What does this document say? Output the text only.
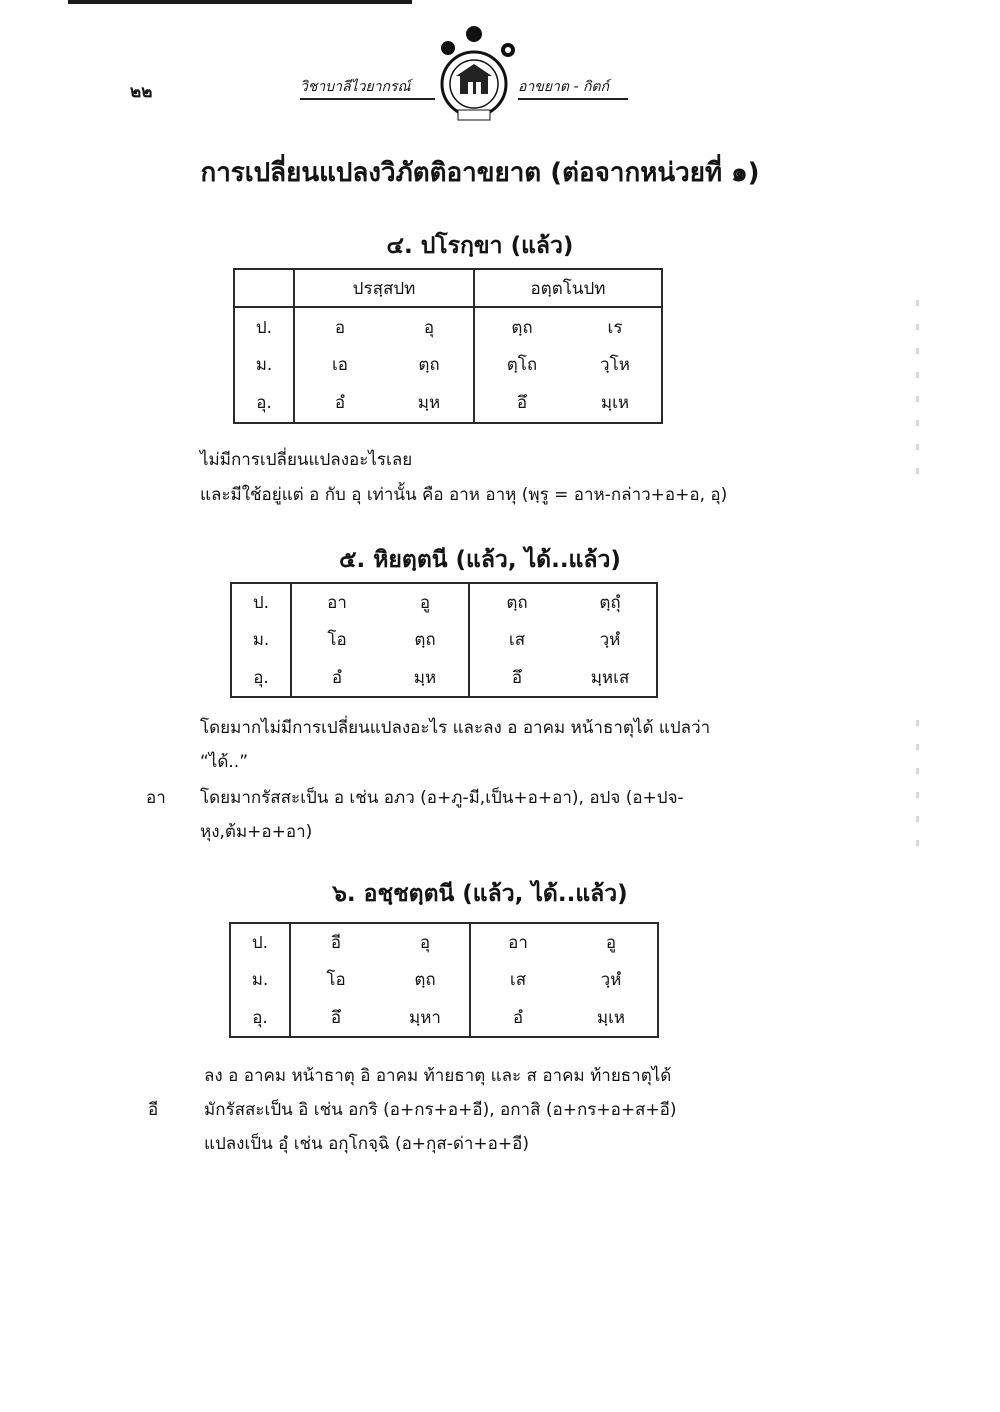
๒๒	วิชาบาลีไวยากรณ์	อาขยาต - กิตก์
การเปลี่ยนแปลงวิภัตติอาขยาต (ต่อจากหน่วยที่ ๑)
๔. ปโรกฺขา (แล้ว)
	ปรสฺสปท		อตฺตโนปท	
ป.	อ	อุ	ตฺถ	เร
ม.	เอ	ตฺถ	ตฺโถ	วฺโห
อุ.	อํ	มฺห	อึ	มฺเห
ไม่มีการเปลี่ยนแปลงอะไรเลย
และมีใช้อยู่แต่ อ กับ อุ เท่านั้น คือ อาห อาหุ (พฺรู = อาห-กล่าว+อ+อ, อุ)
๕. หิยตฺตนี (แล้ว, ได้..แล้ว)
ป.	อา	อู	ตฺถ	ตฺถุํ
ม.	โอ	ตฺถ	เส	วฺหํ
อุ.	อํ	มฺห	อึ	มฺหเส
โดยมากไม่มีการเปลี่ยนแปลงอะไร และลง อ อาคม หน้าธาตุได้ แปลว่า
“ได้..”
อา โดยมากรัสสะเป็น อ เช่น อภว (อ+ภู-มี,เป็น+อ+อา), อปจ (อ+ปจ-
หุง,ต้ม+อ+อา)
๖. อชฺชตฺตนี (แล้ว, ได้..แล้ว)
ป.	อี	อุ	อา	อู
ม.	โอ	ตฺถ	เส	วฺหํ
อุ.	อึ	มฺหา	อํ	มฺเห
ลง อ อาคม หน้าธาตุ อิ อาคม ท้ายธาตุ และ ส อาคม ท้ายธาตุได้
อี	มักรัสสะเป็น อิ เช่น อกริ (อ+กร+อ+อี), อกาสิ (อ+กร+อ+ส+อี)
แปลงเป็น อุํ เช่น อกุโกจฺฉิ (อ+กุส-ด่า+อ+อี)
